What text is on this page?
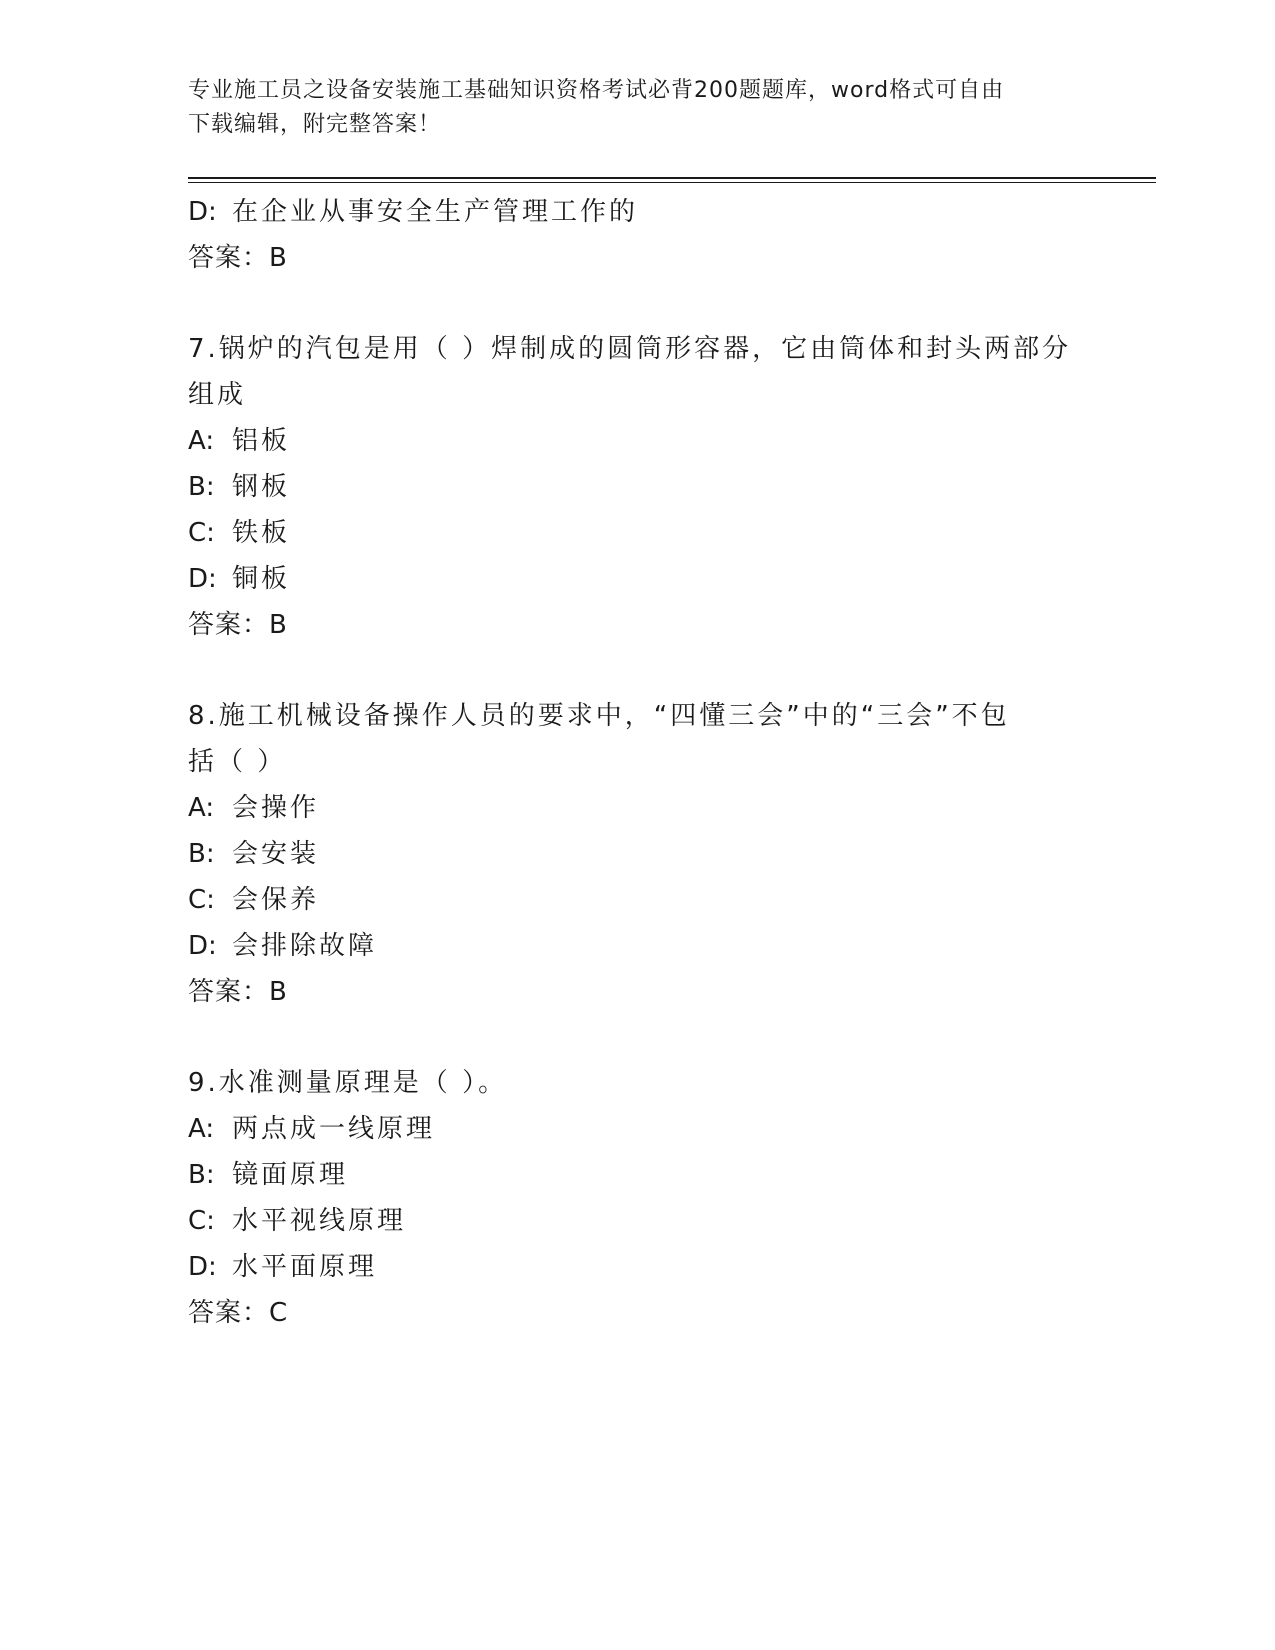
专业施工员之设备安装施工基础知识资格考试必背200题题库，word格式可自由
下载编辑，附完整答案！
D: 在企业从事安全生产管理工作的
答案：B
7.锅炉的汽包是用（ ）焊制成的圆筒形容器，它由筒体和封头两部分
组成
A: 铝板
B: 钢板
C: 铁板
D: 铜板
答案：B
8.施工机械设备操作人员的要求中，“四懂三会”中的“三会”不包
括（ ）
A: 会操作
B: 会安装
C: 会保养
D: 会排除故障
答案：B
9.水准测量原理是（ ）。
A: 两点成一线原理
B: 镜面原理
C: 水平视线原理
D: 水平面原理
答案：C
